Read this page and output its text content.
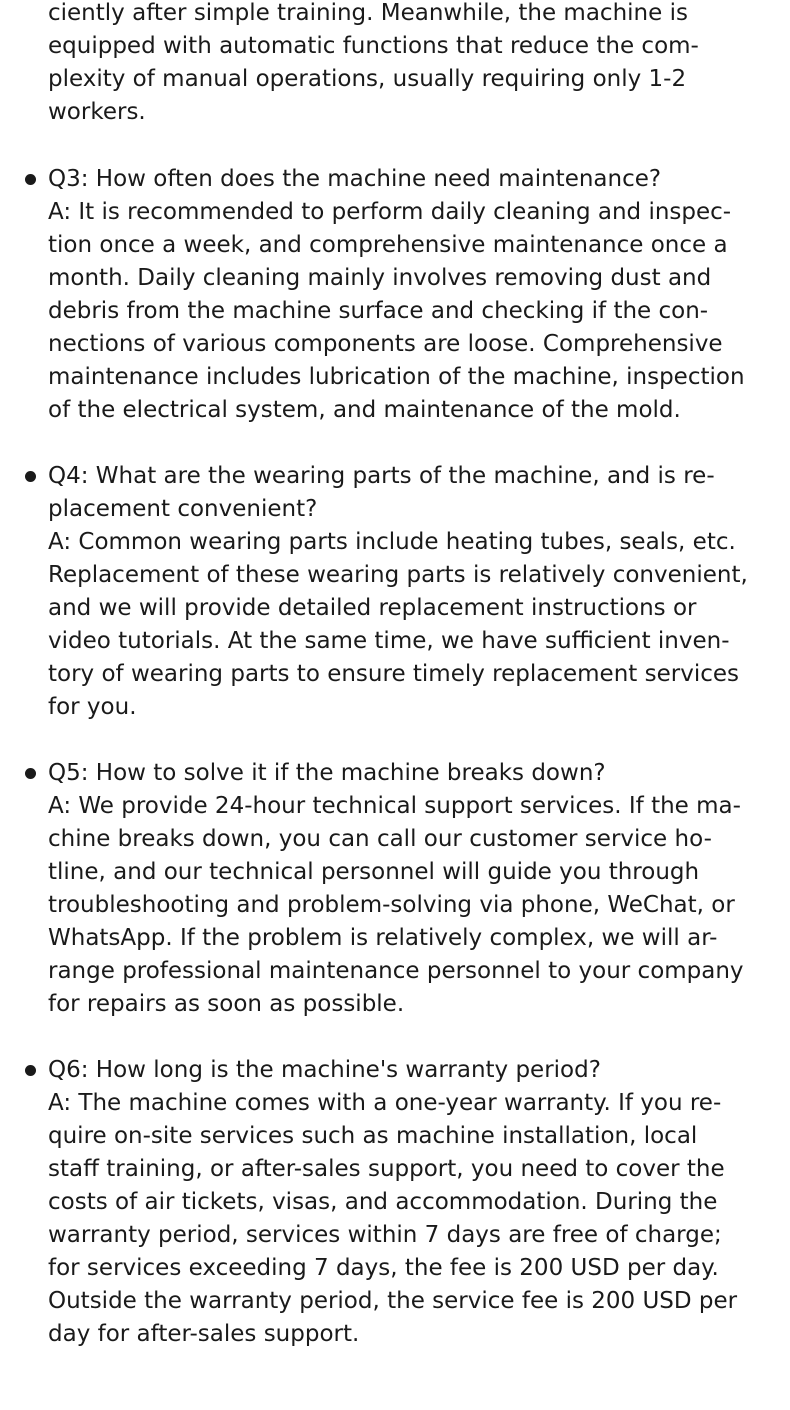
ciently after simple training. Meanwhile, the machine is
equipped with automatic functions that reduce the com-
plexity of manual operations, usually requiring only 1-2
workers.
Q3: How often does the machine need maintenance?
A: It is recommended to perform daily cleaning and inspec-
tion once a week, and comprehensive maintenance once a
month. Daily cleaning mainly involves removing dust and
debris from the machine surface and checking if the con-
nections of various components are loose. Comprehensive
maintenance includes lubrication of the machine, inspection
of the electrical system, and maintenance of the mold.
Q4: What are the wearing parts of the machine, and is re-
placement convenient?
A: Common wearing parts include heating tubes, seals, etc.
Replacement of these wearing parts is relatively convenient,
and we will provide detailed replacement instructions or
video tutorials. At the same time, we have sufficient inven-
tory of wearing parts to ensure timely replacement services
for you.
Q5: How to solve it if the machine breaks down?
A: We provide 24-hour technical support services. If the ma-
chine breaks down, you can call our customer service ho-
tline, and our technical personnel will guide you through
troubleshooting and problem-solving via phone, WeChat, or
WhatsApp. If the problem is relatively complex, we will ar-
range professional maintenance personnel to your company
for repairs as soon as possible.
Q6: How long is the machine's warranty period?
A: The machine comes with a one-year warranty. If you re-
quire on-site services such as machine installation, local
staff training, or after-sales support, you need to cover the
costs of air tickets, visas, and accommodation. During the
warranty period, services within 7 days are free of charge;
for services exceeding 7 days, the fee is 200 USD per day.
Outside the warranty period, the service fee is 200 USD per
day for after-sales support.
